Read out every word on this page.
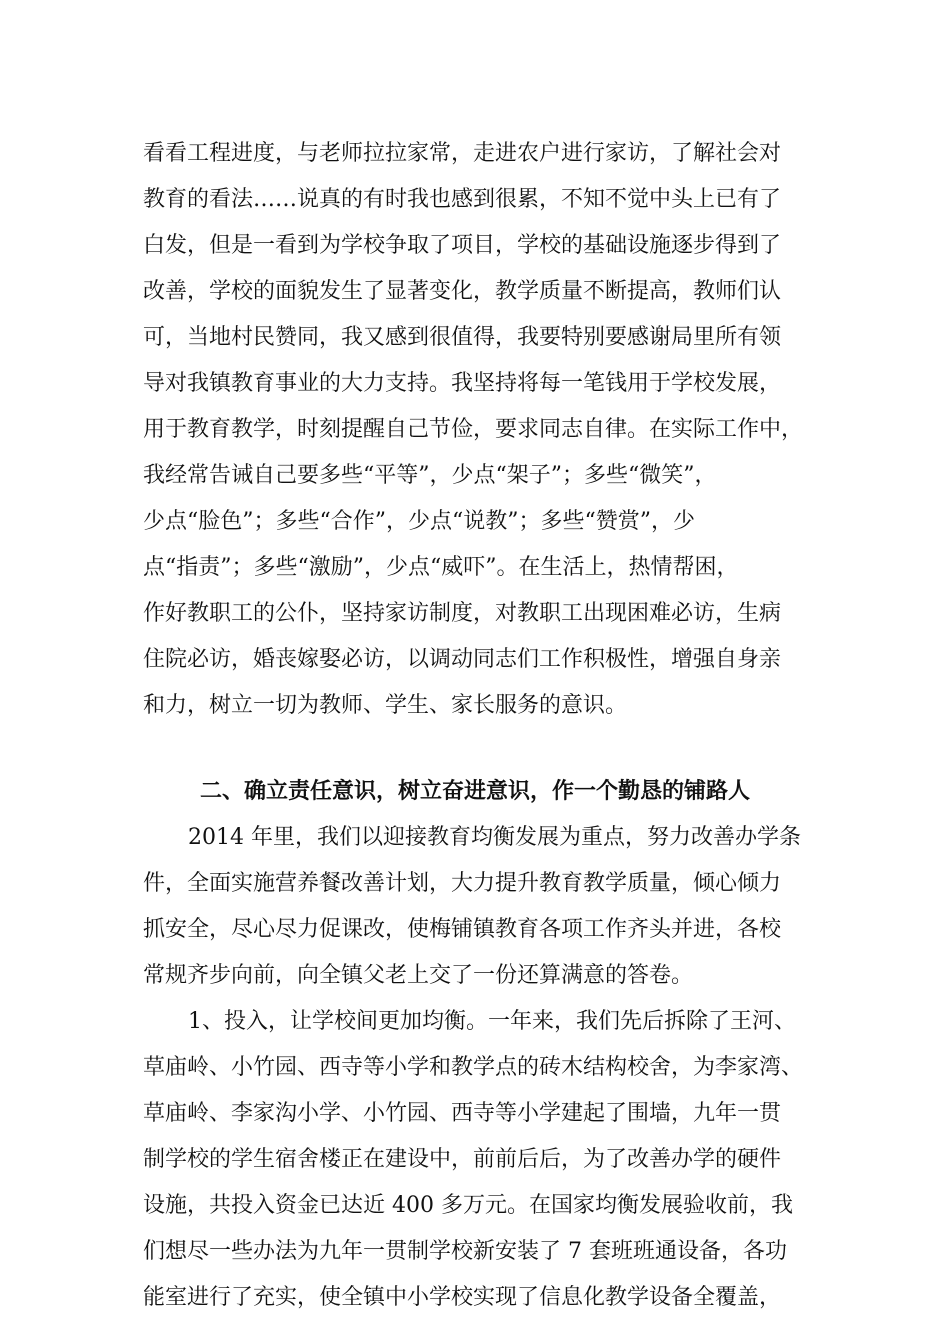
看看工程进度，与老师拉拉家常，走进农户进行家访，了解社会对
教育的看法……说真的有时我也感到很累，不知不觉中头上已有了
白发，但是一看到为学校争取了项目，学校的基础设施逐步得到了
改善，学校的面貌发生了显著变化，教学质量不断提高，教师们认
可，当地村民赞同，我又感到很值得，我要特别要感谢局里所有领
导对我镇教育事业的大力支持。我坚持将每一笔钱用于学校发展，
用于教育教学，时刻提醒自己节俭，要求同志自律。在实际工作中，
我经常告诫自己要多些“平等”，少点“架子”；多些“微笑”，
少点“脸色”；多些“合作”，少点“说教”；多些“赞赏”，少
点“指责”；多些“激励”，少点“威吓”。在生活上，热情帮困，
作好教职工的公仆，坚持家访制度，对教职工出现困难必访，生病
住院必访，婚丧嫁娶必访，以调动同志们工作积极性，增强自身亲
和力，树立一切为教师、学生、家长服务的意识。
二、确立责任意识，树立奋进意识，作一个勤恳的铺路人
2014 年里，我们以迎接教育均衡发展为重点，努力改善办学条
件，全面实施营养餐改善计划，大力提升教育教学质量，倾心倾力
抓安全，尽心尽力促课改，使梅铺镇教育各项工作齐头并进，各校
常规齐步向前，向全镇父老上交了一份还算满意的答卷。
1、投入，让学校间更加均衡。一年来，我们先后拆除了王河、
草庙岭、小竹园、西寺等小学和教学点的砖木结构校舍，为李家湾、
草庙岭、李家沟小学、小竹园、西寺等小学建起了围墙，九年一贯
制学校的学生宿舍楼正在建设中，前前后后，为了改善办学的硬件
设施，共投入资金已达近 400 多万元。在国家均衡发展验收前，我
们想尽一些办法为九年一贯制学校新安装了 7 套班班通设备，各功
能室进行了充实，使全镇中小学校实现了信息化教学设备全覆盖，
